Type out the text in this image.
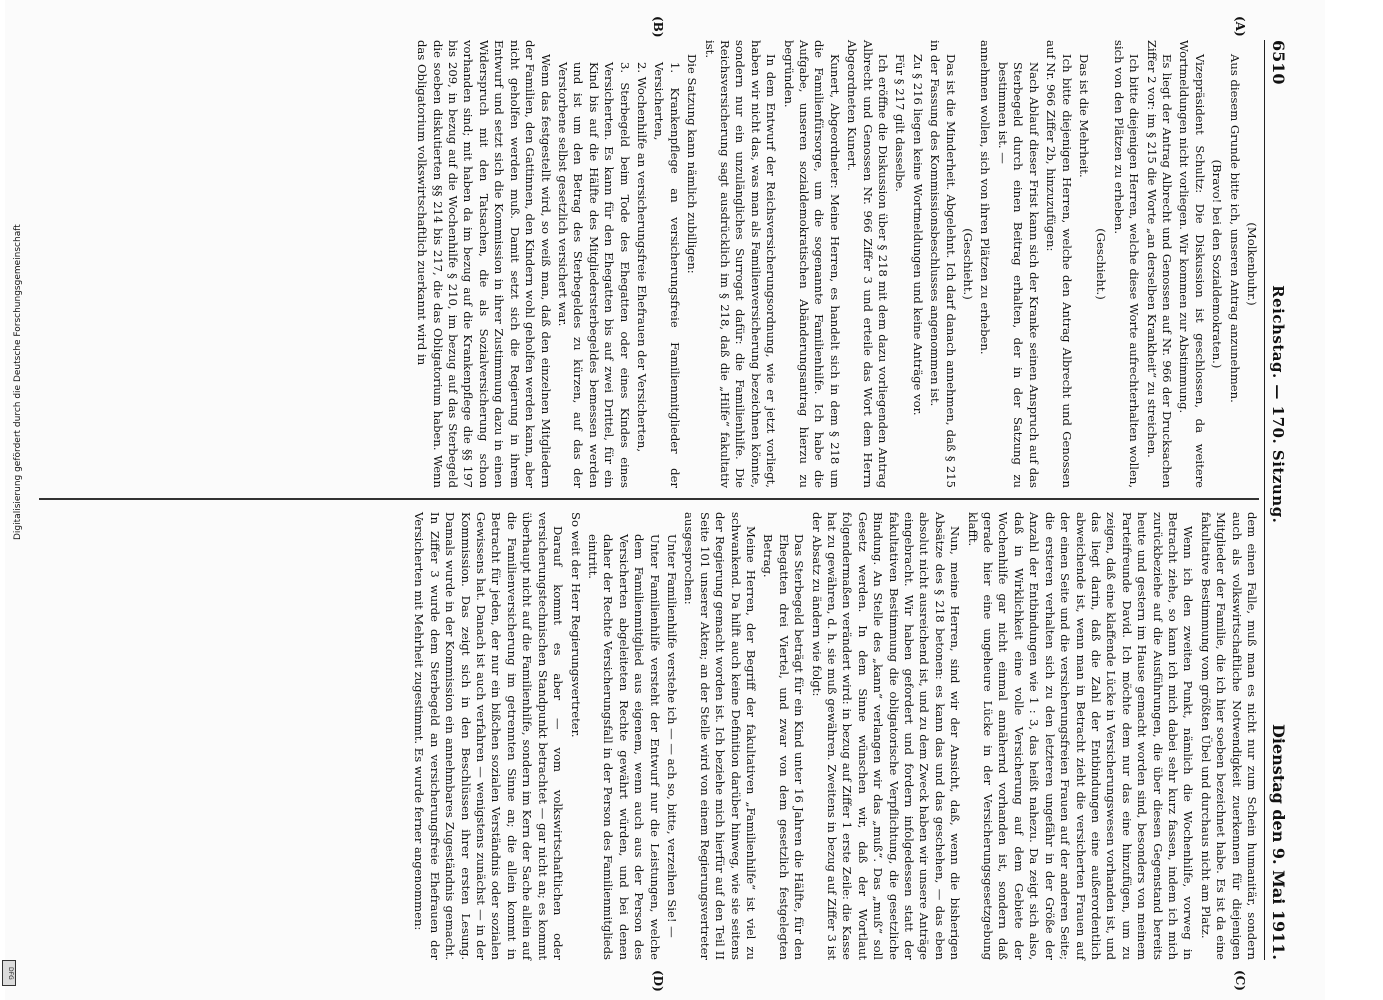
6510
Reichstag. — 170. Sitzung.
Dienstag den 9. Mai 1911.
(A)
(B)
(C)
(D)

(Molkenbuhr.)

Aus diesem Grunde bitte ich, unseren Antrag anzunehmen.

(Bravo! bei den Sozialdemokraten.)

Vizepräsident Schultz: Die Diskussion ist geschlossen, da weitere Wortmeldungen nicht vorliegen. Wir kommen zur Abstimmung.

Es liegt der Antrag Albrecht und Genossen auf Nr. 966 der Drucksachen Ziffer 2 vor: im § 215 die Worte „an derselben Krankheit“ zu streichen.

Ich bitte diejenigen Herren, welche diese Worte aufrechterhalten wollen, sich von den Plätzen zu erheben.

(Geschieht.)

Das ist die Mehrheit.

Ich bitte diejenigen Herren, welche den Antrag Albrecht und Genossen auf Nr. 966 Ziffer 2b, hinzuzufügen:

Nach Ablauf dieser Frist kann sich der Kranke seinen Anspruch auf das Sterbegeld durch einen Beitrag erhalten, der in der Satzung zu bestimmen ist. —

annehmen wollen, sich von ihren Plätzen zu erheben.

(Geschieht.)

Das ist die Minderheit. Abgelehnt. Ich darf danach annehmen, daß § 215 in der Fassung des Kommissionsbeschlusses angenommen ist.

Zu § 216 liegen keine Wortmeldungen und keine Anträge vor.

Für § 217 gilt dasselbe.

Ich eröffne die Diskussion über § 218 mit dem dazu vorliegenden Antrag Albrecht und Genossen Nr. 966 Ziffer 3 und erteile das Wort dem Herrn Abgeordneten Kunert.

Kunert, Abgeordneter: Meine Herren, es handelt sich in dem § 218 um die Familienfürsorge, um die sogenannte Familienhilfe. Ich habe die Aufgabe, unseren sozialdemokratischen Abänderungsantrag hierzu zu begründen.

In dem Entwurf der Reichsversicherungsordnung, wie er jetzt vorliegt, haben wir nicht das, was man als Familienversicherung bezeichnen könnte, sondern nur ein unzulängliches Surrogat dafür: die Familienhilfe. Die Reichsversicherung sagt ausdrücklich im § 218, daß die „Hilfe“ fakultativ ist.

Die Satzung kann nämlich zubilligen:

1. Krankenpflege an versicherungsfreie Familienmitglieder der Versicherten,

2. Wochenhilfe an versicherungsfreie Ehefrauen der Versicherten,

3. Sterbegeld beim Tode des Ehegatten oder eines Kindes eines Versicherten. Es kann für den Ehegatten bis auf zwei Drittel, für ein Kind bis auf die Hälfte des Mitgliedersterbegeldes bemessen werden und ist um den Betrag des Sterbegeldes zu kürzen, auf das der Verstorbene selbst gesetzlich versichert war.

Wenn das festgestellt wird, so weiß man, daß den einzelnen Mitgliedern der Familien, den Gattinnen, den Kindern wohl geholfen werden kann, aber nicht geholfen werden muß. Damit setzt sich die Regierung in ihrem Entwurf und setzt sich die Kommission in ihrer Zustimmung dazu in einen Widerspruch mit den Tatsachen, die als Sozialversicherung schon vorhanden sind; mit haben da im bezug auf die Krankenpflege die §§ 197 bis 209, in bezug auf die Wochenhilfe § 210, im bezug auf das Sterbegeld die soeben diskutierten §§ 214 bis 217, die das Obligatorium haben. Wenn das Obligatorium volkswirtschaftlich zuerkannt wird in

dem einen Falle, muß man es nicht nur zum Schein humanitär, sondern auch als volkswirtschaftliche Notwendigkeit zuerkennen für diejenigen Mitglieder der Familie, die ich hier soeben bezeichnet habe. Es ist da eine fakultative Bestimmung vom größten Übel und durchaus nicht am Platz.

Wenn ich den zweiten Punkt, nämlich die Wochenhilfe, vorweg in Betracht ziehe, so kann ich mich dabei sehr kurz fassen, indem ich mich zurückbeziehe auf die Ausführungen, die über diesen Gegenstand bereits heute und gestern im Hause gemacht worden sind, besonders von meinem Parteifreunde David. Ich möchte dem nur das eine hinzufügen, um zu zeigen, daß eine klaffende Lücke in Versicherungswesen vorhanden ist, und das liegt darin, daß die Zahl der Entbindungen eine außerordentlich abweichende ist, wenn man in Betracht zieht die versicherten Frauen auf der einen Seite und die versicherungsfreien Frauen auf der anderen Seite; die ersteren verhalten sich zu den letzteren ungefähr in der Größe der Anzahl der Entbindungen wie 1 : 3, das heißt nahezu. Da zeigt sich also, daß in Wirklichkeit eine volle Versicherung auf dem Gebiete der Wochenhilfe gar nicht einmal annähernd vorhanden ist, sondern daß gerade hier eine ungeheure Lücke in der Versicherungsgesetzgebung klafft.

Nun, meine Herren, sind wir der Ansicht, daß, wenn die bisherigen Absätze des § 218 betonen: es kann das und das geschehen, — das eben absolut nicht ausreichend ist, und zu dem Zweck haben wir unsere Anträge eingebracht. Wir haben gefordert und fordern infolgedessen statt der fakultativen Bestimmung die obligatorische Verpflichtung, die gesetzliche Bindung. An Stelle des „kann“ verlangen wir das „muß“. Das „muß“ soll Gesetz werden. In dem Sinne wünschen wir, daß der Wortlaut folgendermaßen verändert wird: in bezug auf Ziffer 1 erste Zeile: die Kasse hat zu gewähren, d. h. sie muß gewähren. Zweitens in bezug auf Ziffer 3 ist der Absatz zu ändern wie folgt:

Das Sterbegeld beträgt für ein Kind unter 16 Jahren die Hälfte, für den Ehegatten drei Viertel, und zwar von dem gesetzlich festgelegten Betrag.

Meine Herren, der Begriff der fakultativen „Familienhilfe“ ist viel zu schwankend. Da hilft auch keine Definition darüber hinweg, wie sie seitens der Regierung gemacht worden ist. Ich beziehe mich hierfür auf den Teil II Seite 101 unserer Akten; an der Stelle wird von einem Regierungsvertreter ausgesprochen:

Unter Familienhilfe verstehe ich — — ach so, bitte, verzeihen Sie! —

Unter Familienhilfe versteht der Entwurf nur die Leistungen, welche dem Familienmitglied aus eigenem, wenn auch aus der Person des Versicherten abgeleiteten Rechte gewährt würden, und bei denen daher der Rechte Versicherungsfall in der Person des Familienmitglieds eintritt.

So weit der Herr Regierungsvertreter.

Darauf kommt es aber — vom volkswirtschaftlichen oder versicherungstechnischen Standpunkt betrachtet — gar nicht an; es kommt überhaupt nicht auf die Familienhilfe, sondern im Kern der Sache allein auf die Familienversicherung im getrennten Sinne an; die allein kommt in Betracht für jeden, der nur ein bißchen sozialen Verständnis oder sozialen Gewissens hat. Danach ist auch verfahren — wenigstens zunächst — in der Kommission. Das zeigt sich in den Beschlüssen ihrer ersten Lesung. Damals wurde in der Kommission ein annehmbares Zugeständnis gemacht. In Ziffer 3 wurde dem Sterbegeld an versicherungsfreie Ehefrauen der Versicherten mit Mehrheit zugestimmt. Es wurde ferner angenommen:

Digitalisierung gefördert durch die Deutsche Forschungsgemeinschaft
DFG
